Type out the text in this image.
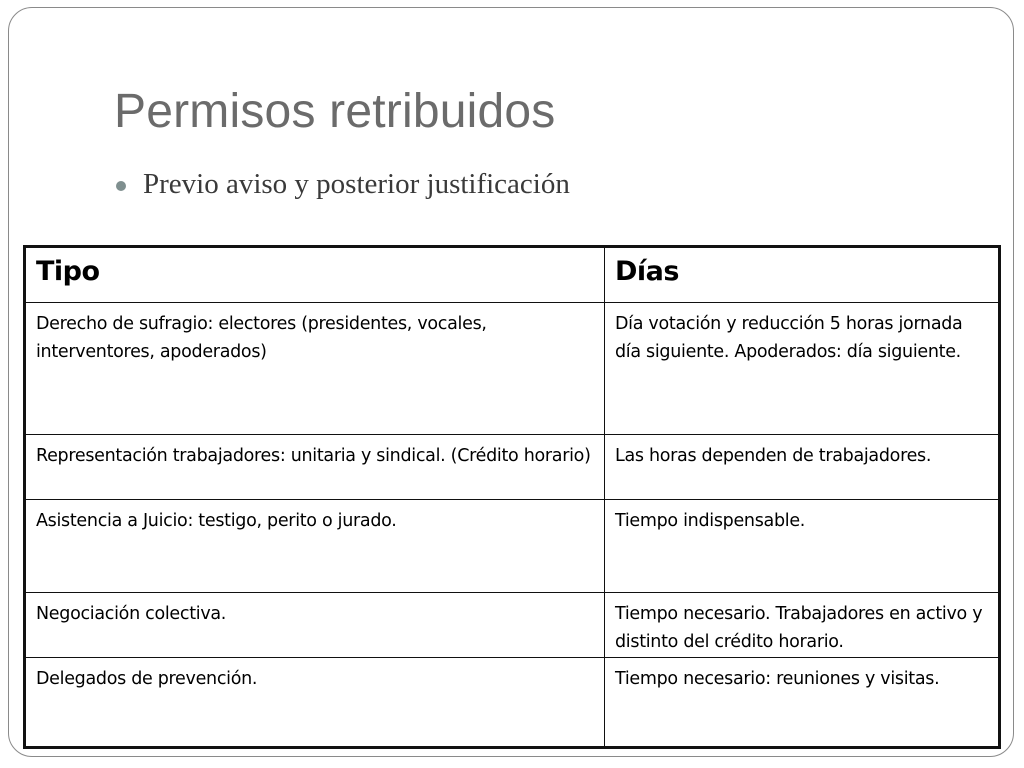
Permisos retribuidos
Previo aviso y posterior justificación
Tipo	Días
Derecho de sufragio: electores (presidentes, vocales, interventores, apoderados)	Día votación y reducción 5 horas jornada día siguiente. Apoderados: día siguiente.
Representación trabajadores: unitaria y sindical. (Crédito horario)	Las horas dependen de trabajadores.
Asistencia a Juicio: testigo, perito o jurado.	Tiempo indispensable.
Negociación colectiva.	Tiempo necesario. Trabajadores en activo y distinto del crédito horario.
Delegados de prevención.	Tiempo necesario: reuniones y visitas.
